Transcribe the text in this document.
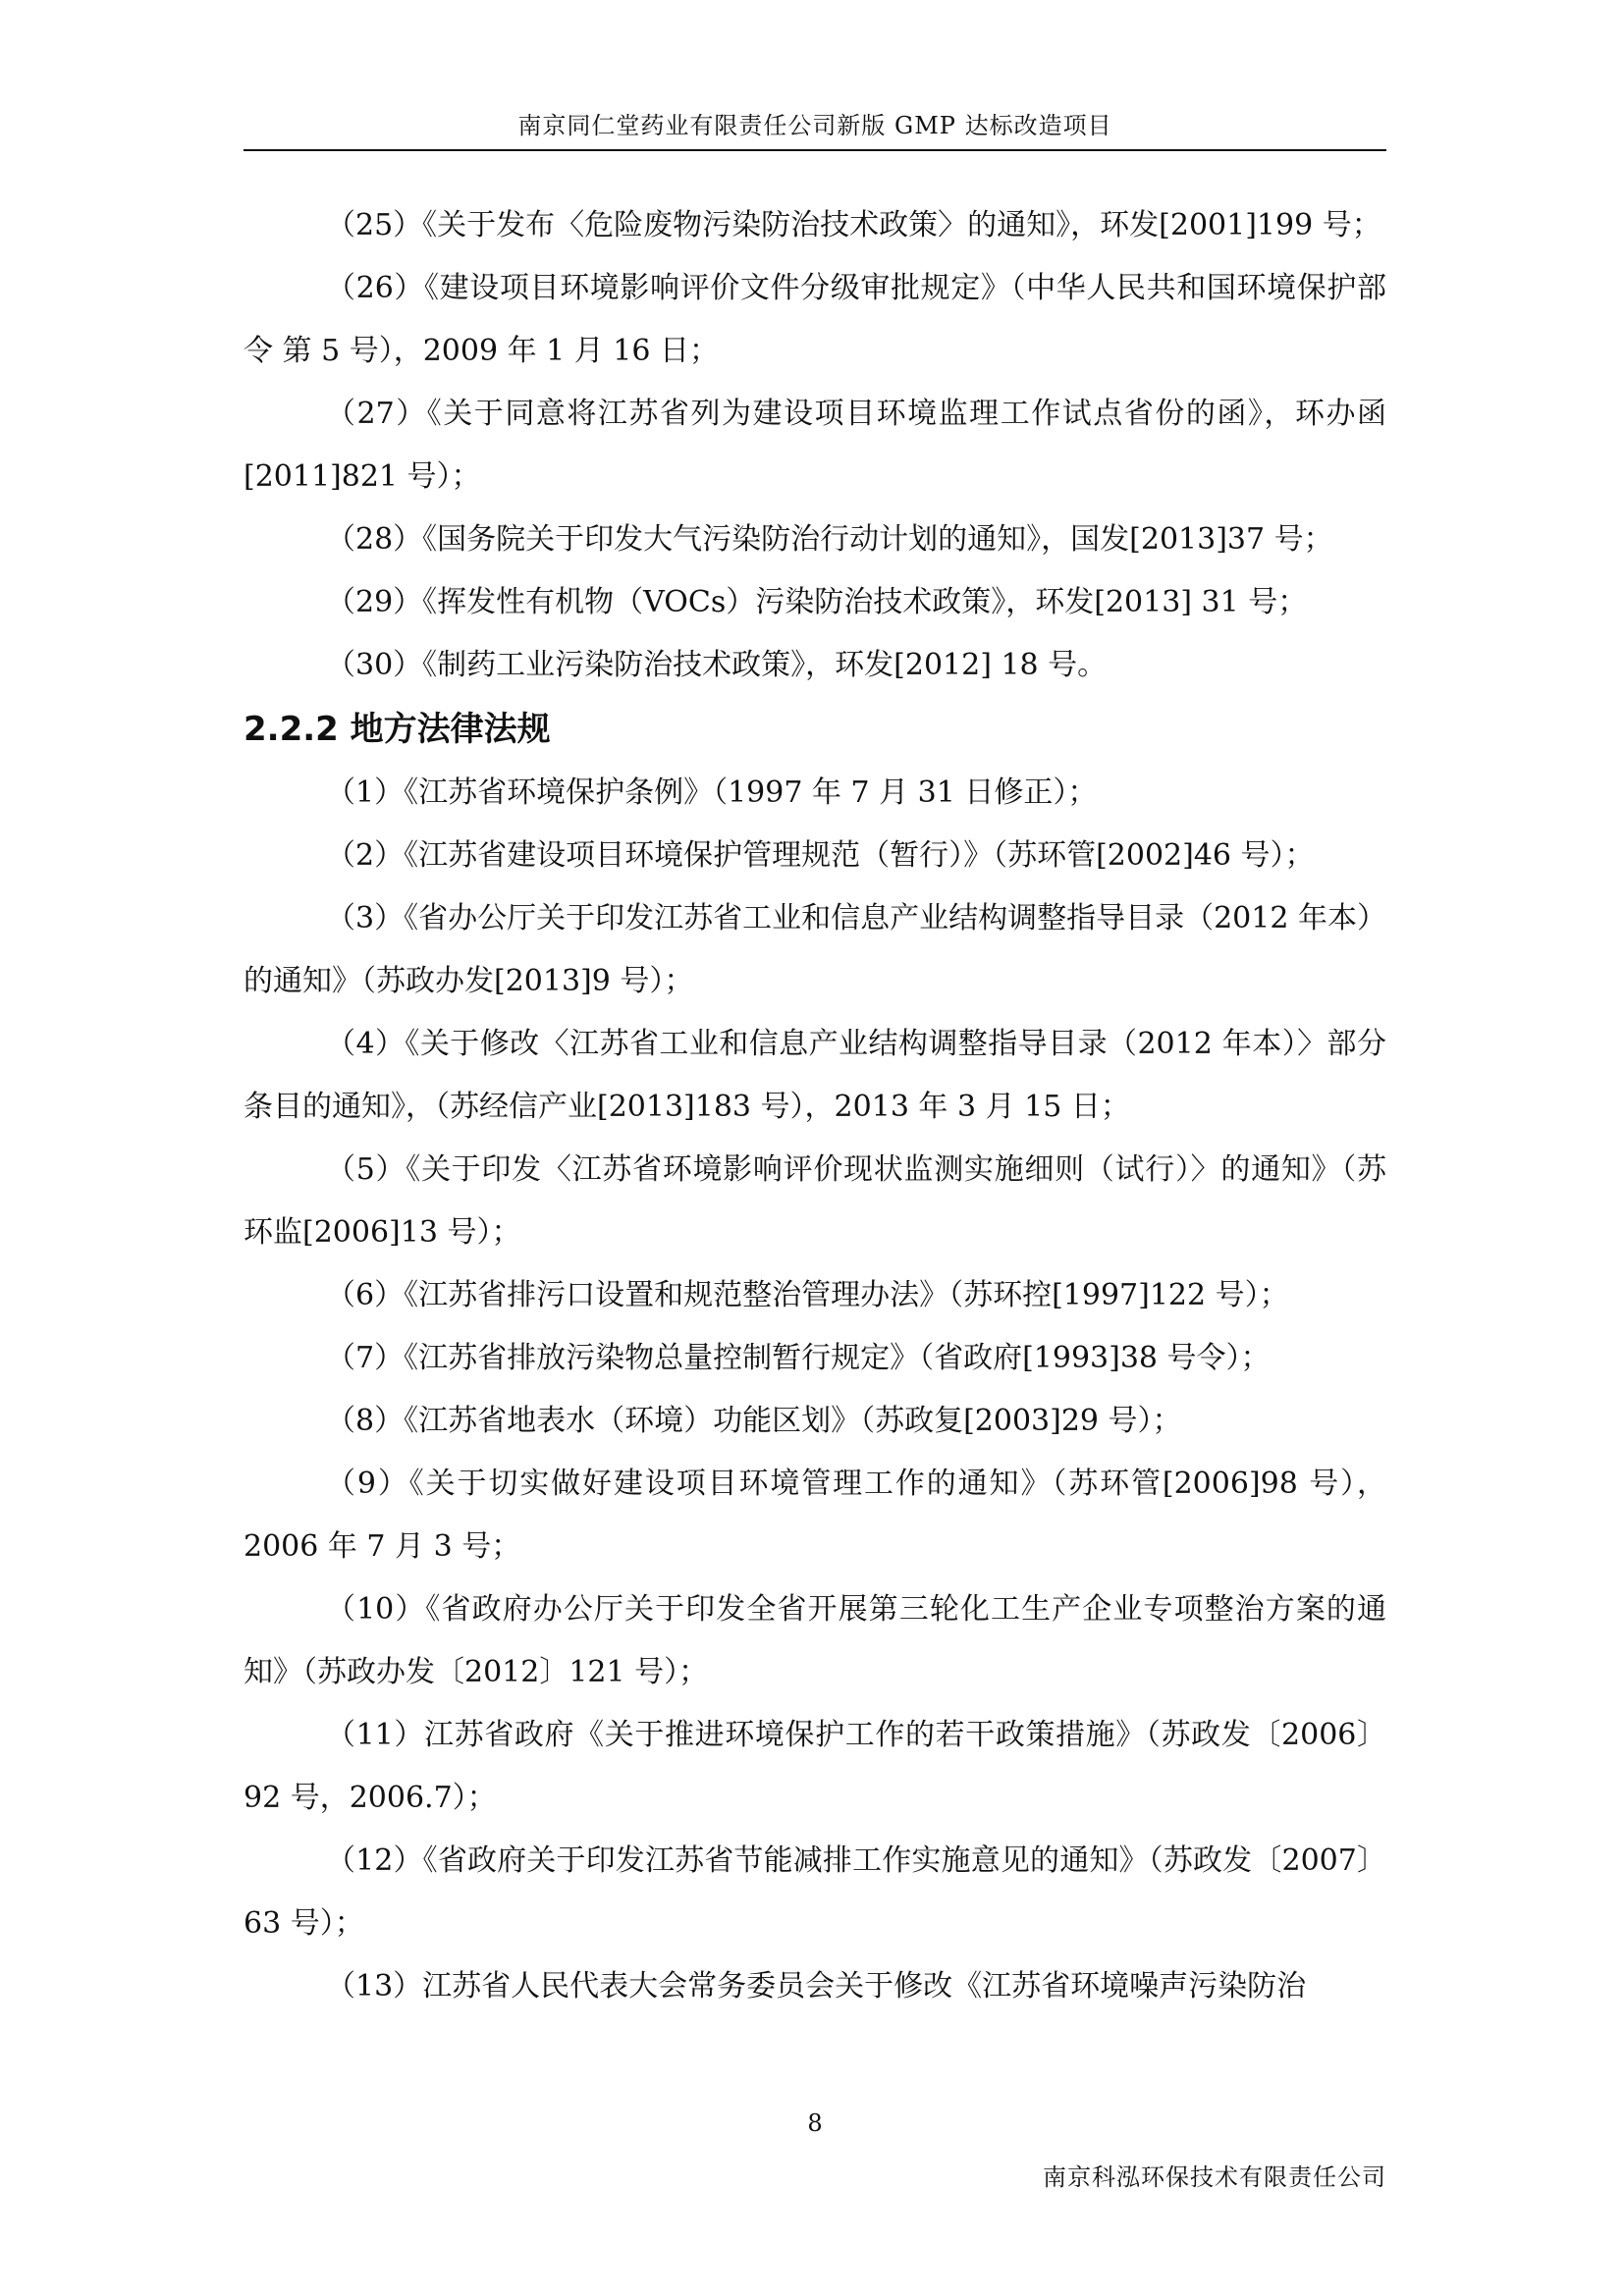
南京同仁堂药业有限责任公司新版 GMP 达标改造项目

（25）《关于发布〈危险废物污染防治技术政策〉的通知》，环发[2001]199 号；

（26）《建设项目环境影响评价文件分级审批规定》（中华人民共和国环境保护部令 第 5 号），2009 年 1 月 16 日；

（27）《关于同意将江苏省列为建设项目环境监理工作试点省份的函》，环办函[2011]821 号）；

（28）《国务院关于印发大气污染防治行动计划的通知》，国发[2013]37 号；

（29）《挥发性有机物（VOCs）污染防治技术政策》，环发[2013] 31 号；

（30）《制药工业污染防治技术政策》，环发[2012] 18 号。

2.2.2 地方法律法规

（1）《江苏省环境保护条例》（1997 年 7 月 31 日修正）；

（2）《江苏省建设项目环境保护管理规范（暂行）》（苏环管[2002]46 号）；

（3）《省办公厅关于印发江苏省工业和信息产业结构调整指导目录（2012 年本）的通知》（苏政办发[2013]9 号）；

（4）《关于修改〈江苏省工业和信息产业结构调整指导目录（2012 年本）〉部分条目的通知》，（苏经信产业[2013]183 号），2013 年 3 月 15 日；

（5）《关于印发〈江苏省环境影响评价现状监测实施细则（试行）〉的通知》（苏环监[2006]13 号）；

（6）《江苏省排污口设置和规范整治管理办法》（苏环控[1997]122 号）；

（7）《江苏省排放污染物总量控制暂行规定》（省政府[1993]38 号令）；

（8）《江苏省地表水（环境）功能区划》（苏政复[2003]29 号）；

（9）《关于切实做好建设项目环境管理工作的通知》（苏环管[2006]98 号），2006 年 7 月 3 号；

（10）《省政府办公厅关于印发全省开展第三轮化工生产企业专项整治方案的通知》（苏政办发〔2012〕121 号）；

（11）江苏省政府《关于推进环境保护工作的若干政策措施》（苏政发〔2006〕92 号，2006.7）；

（12）《省政府关于印发江苏省节能减排工作实施意见的通知》（苏政发〔2007〕63 号）；

（13）江苏省人民代表大会常务委员会关于修改《江苏省环境噪声污染防治

8
南京科泓环保技术有限责任公司
